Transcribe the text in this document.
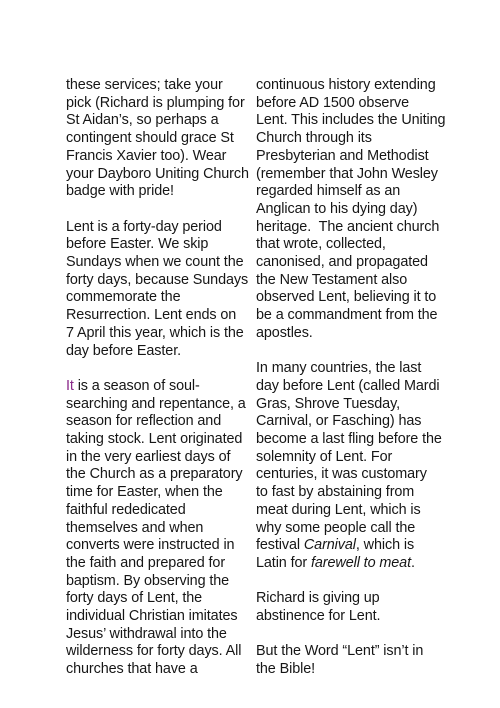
these services; take your
pick (Richard is plumping for
St Aidan’s, so perhaps a
contingent should grace St
Francis Xavier too). Wear
your Dayboro Uniting Church
badge with pride!
Lent is a forty-day period
before Easter. We skip
Sundays when we count the
forty days, because Sundays
commemorate the
Resurrection. Lent ends on
7 April this year, which is the
day before Easter.
It is a season of soul-
searching and repentance, a
season for reflection and
taking stock. Lent originated
in the very earliest days of
the Church as a preparatory
time for Easter, when the
faithful rededicated
themselves and when
converts were instructed in
the faith and prepared for
baptism. By observing the
forty days of Lent, the
individual Christian imitates
Jesus’ withdrawal into the
wilderness for forty days. All
churches that have a
continuous history extending
before AD 1500 observe
Lent. This includes the Uniting
Church through its
Presbyterian and Methodist
(remember that John Wesley
regarded himself as an
Anglican to his dying day)
heritage.  The ancient church
that wrote, collected,
canonised, and propagated
the New Testament also
observed Lent, believing it to
be a commandment from the
apostles.
In many countries, the last
day before Lent (called Mardi
Gras, Shrove Tuesday,
Carnival, or Fasching) has
become a last fling before the
solemnity of Lent. For
centuries, it was customary
to fast by abstaining from
meat during Lent, which is
why some people call the
festival Carnival, which is
Latin for farewell to meat.
Richard is giving up
abstinence for Lent.
But the Word “Lent” isn’t in
the Bible!
